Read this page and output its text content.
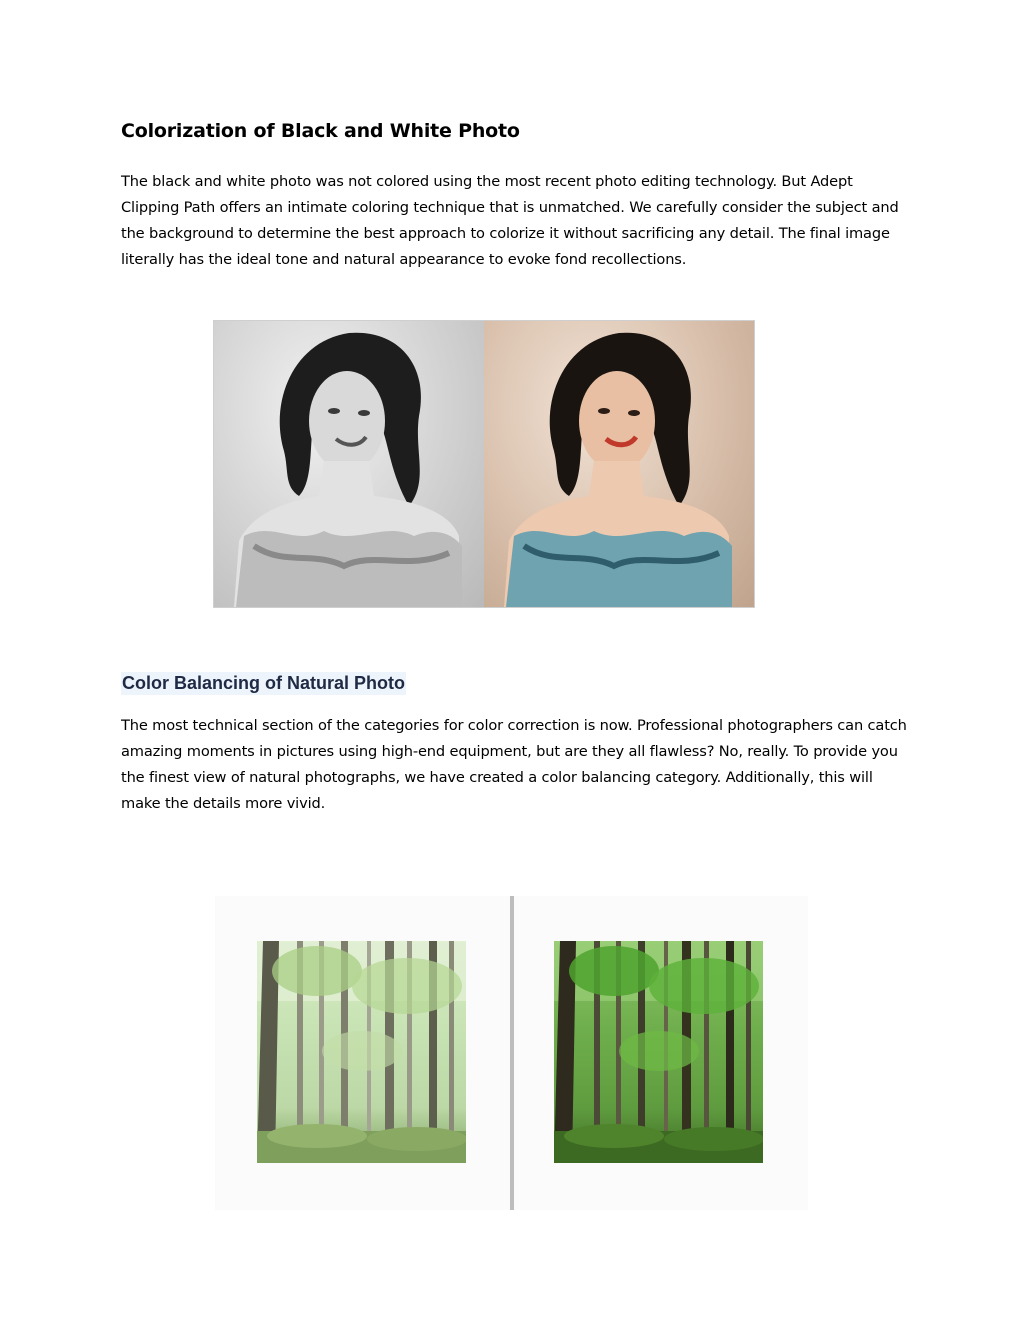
Colorization of Black and White Photo

The black and white photo was not colored using the most recent photo editing technology. But Adept Clipping Path offers an intimate coloring technique that is unmatched. We carefully consider the subject and the background to determine the best approach to colorize it without sacrificing any detail. The final image literally has the ideal tone and natural appearance to evoke fond recollections.

Color Balancing of Natural Photo

The most technical section of the categories for color correction is now. Professional photographers can catch amazing moments in pictures using high-end equipment, but are they all flawless? No, really. To provide you the finest view of natural photographs, we have created a color balancing category. Additionally, this will make the details more vivid.
